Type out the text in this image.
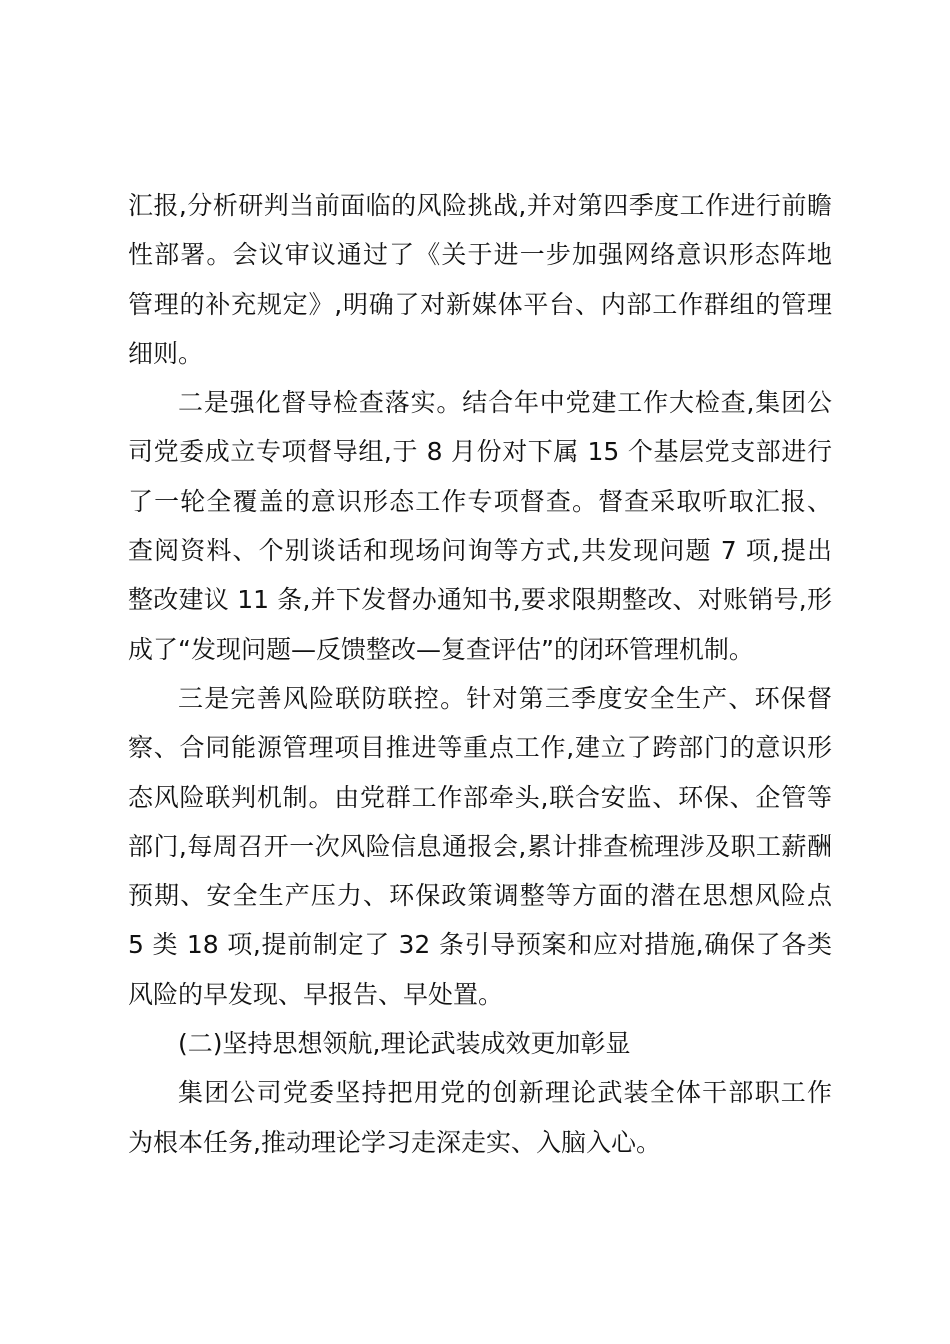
汇报,分析研判当前面临的风险挑战,并对第四季度工作进行前瞻
性部署。会议审议通过了《关于进一步加强网络意识形态阵地
管理的补充规定》,明确了对新媒体平台、内部工作群组的管理
细则。
二是强化督导检查落实。结合年中党建工作大检查,集团公
司党委成立专项督导组,于 8 月份对下属 15 个基层党支部进行
了一轮全覆盖的意识形态工作专项督查。督查采取听取汇报、
查阅资料、个别谈话和现场问询等方式,共发现问题 7 项,提出
整改建议 11 条,并下发督办通知书,要求限期整改、对账销号,形
成了“发现问题—反馈整改—复查评估”的闭环管理机制。
三是完善风险联防联控。针对第三季度安全生产、环保督
察、合同能源管理项目推进等重点工作,建立了跨部门的意识形
态风险联判机制。由党群工作部牵头,联合安监、环保、企管等
部门,每周召开一次风险信息通报会,累计排查梳理涉及职工薪酬
预期、安全生产压力、环保政策调整等方面的潜在思想风险点
5 类 18 项,提前制定了 32 条引导预案和应对措施,确保了各类
风险的早发现、早报告、早处置。
(二)坚持思想领航,理论武装成效更加彰显
集团公司党委坚持把用党的创新理论武装全体干部职工作
为根本任务,推动理论学习走深走实、入脑入心。
